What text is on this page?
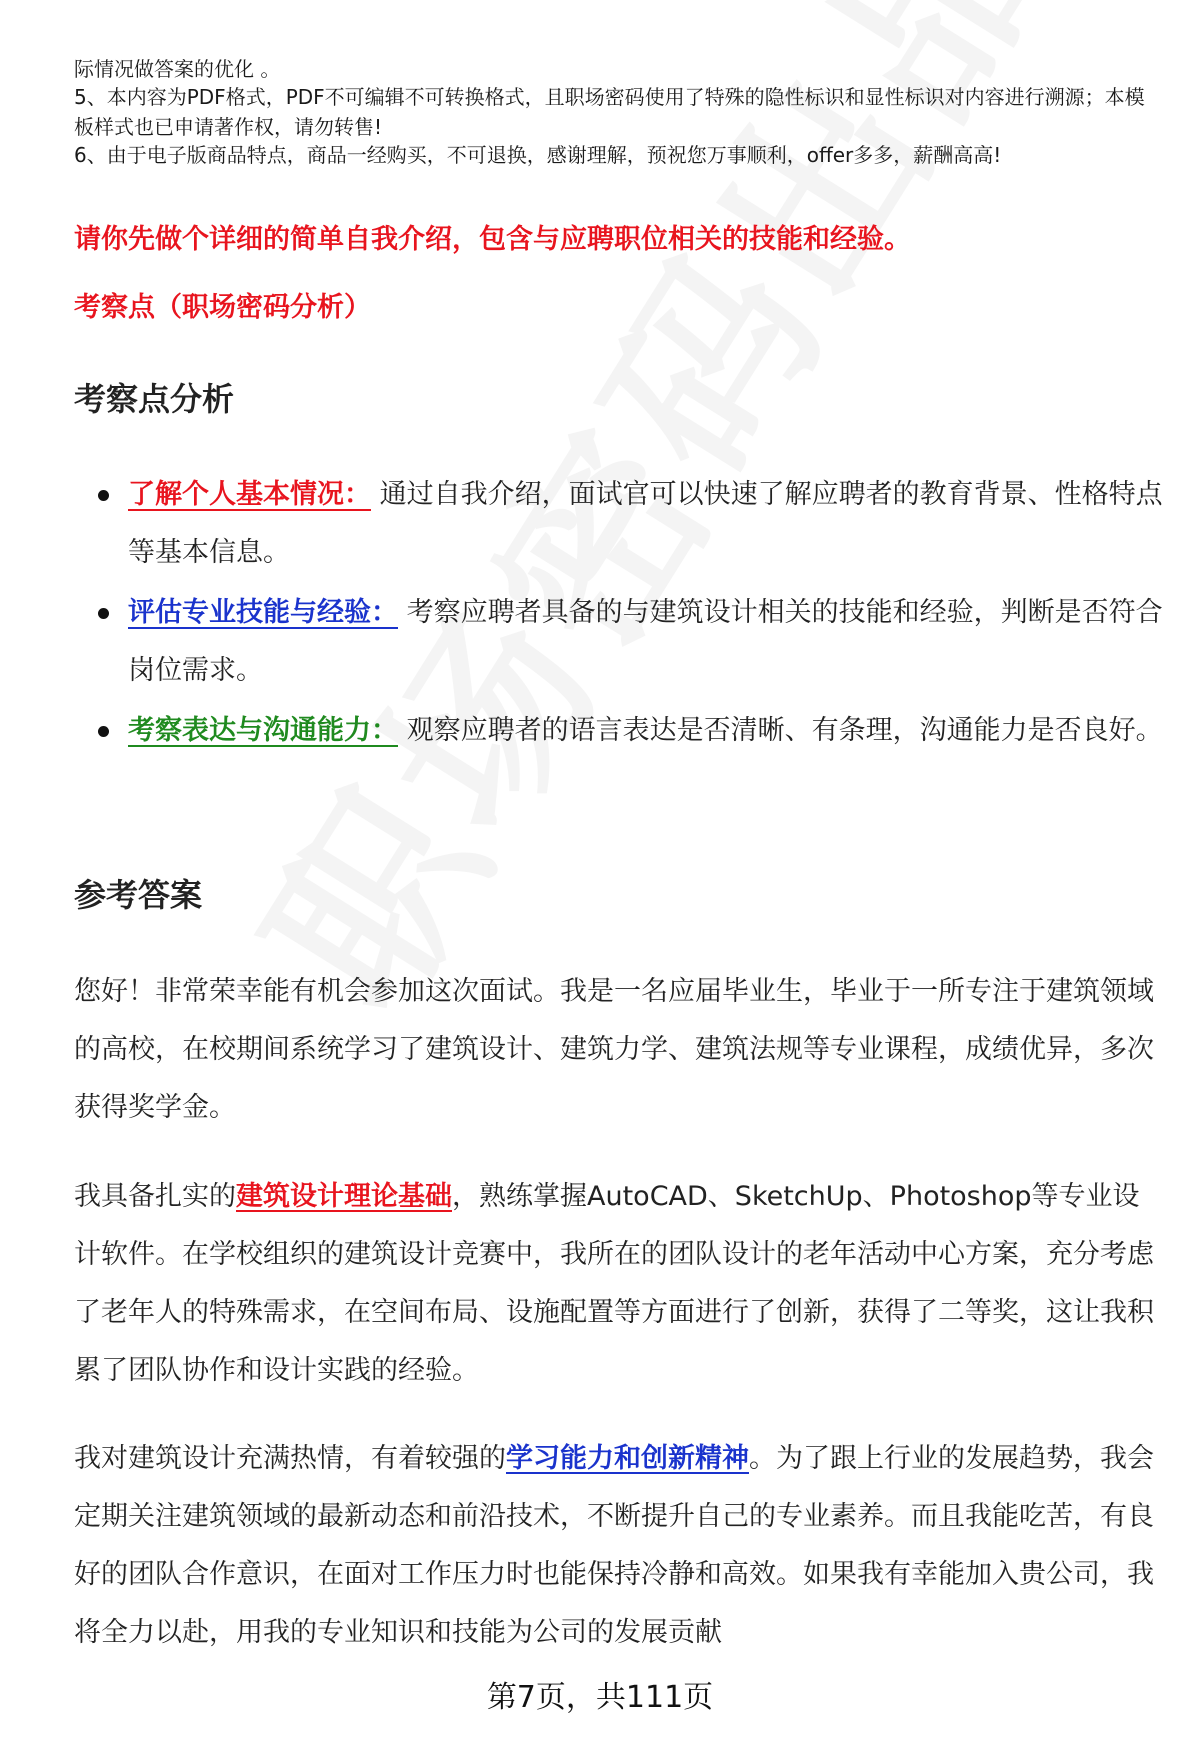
际情况做答案的优化 。
5、本内容为PDF格式，PDF不可编辑不可转换格式，且职场密码使用了特殊的隐性标识和显性标识对内容进行溯源；本模板样式也已申请著作权，请勿转售!
6、由于电子版商品特点，商品一经购买，不可退换，感谢理解，预祝您万事顺利，offer多多，薪酬高高!
请你先做个详细的简单自我介绍，包含与应聘职位相关的技能和经验。
考察点（职场密码分析）
考察点分析
了解个人基本情况： 通过自我介绍，面试官可以快速了解应聘者的教育背景、性格特点等基本信息。
评估专业技能与经验： 考察应聘者具备的与建筑设计相关的技能和经验，判断是否符合岗位需求。
考察表达与沟通能力： 观察应聘者的语言表达是否清晰、有条理，沟通能力是否良好。
参考答案
您好！非常荣幸能有机会参加这次面试。我是一名应届毕业生，毕业于一所专注于建筑领域的高校，在校期间系统学习了建筑设计、建筑力学、建筑法规等专业课程，成绩优异，多次获得奖学金。
我具备扎实的建筑设计理论基础，熟练掌握AutoCAD、SketchUp、Photoshop等专业设计软件。在学校组织的建筑设计竞赛中，我所在的团队设计的老年活动中心方案，充分考虑了老年人的特殊需求，在空间布局、设施配置等方面进行了创新，获得了二等奖，这让我积累了团队协作和设计实践的经验。
我对建筑设计充满热情，有着较强的学习能力和创新精神。为了跟上行业的发展趋势，我会定期关注建筑领域的最新动态和前沿技术，不断提升自己的专业素养。而且我能吃苦，有良好的团队合作意识，在面对工作压力时也能保持冷静和高效。如果我有幸能加入贵公司，我将全力以赴，用我的专业知识和技能为公司的发展贡献
第7页，共111页
